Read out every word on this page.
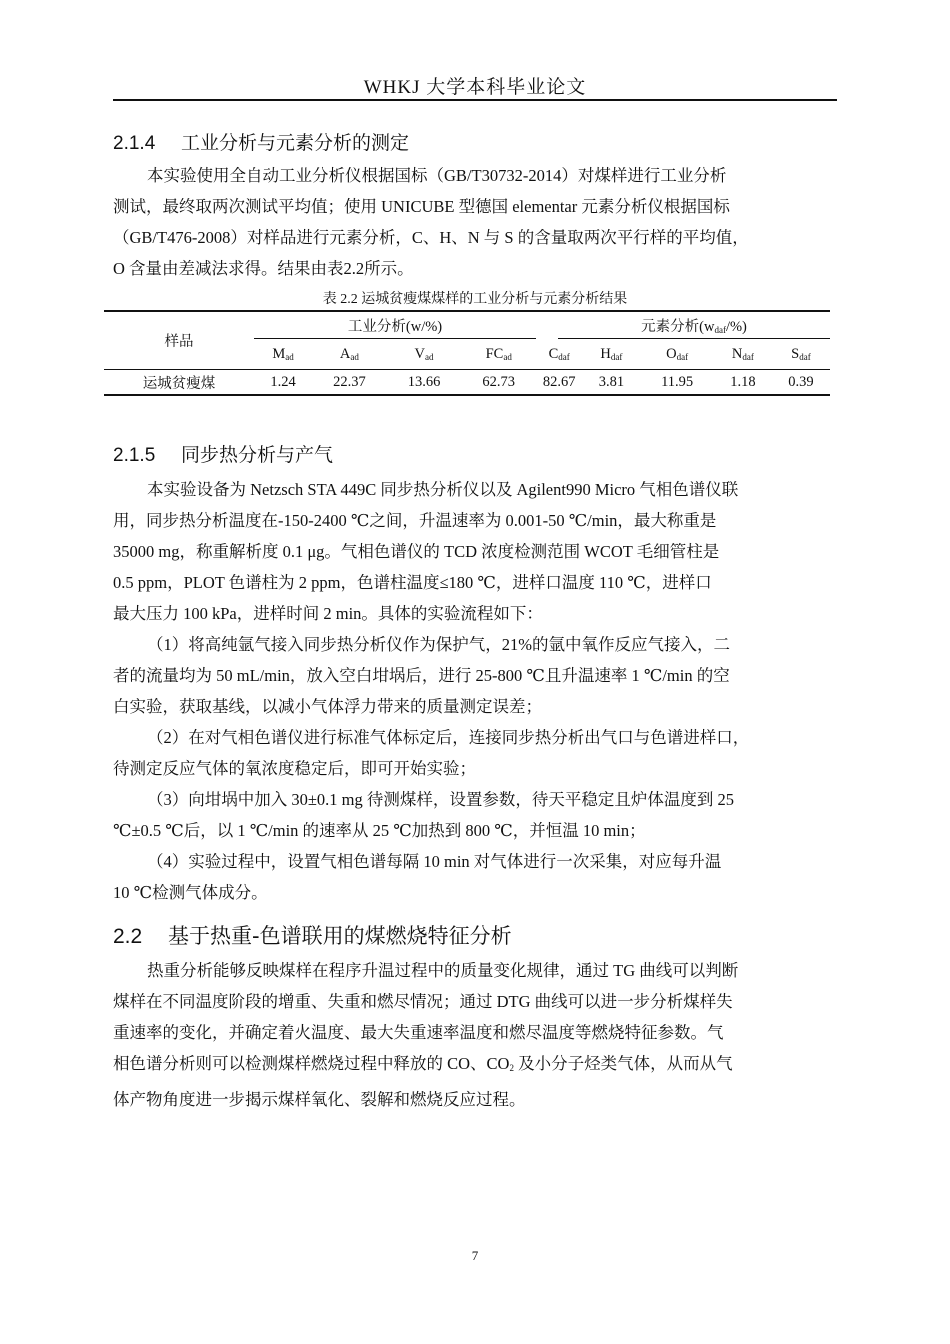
WHKJ 大学本科毕业论文
2.1.4 工业分析与元素分析的测定
本实验使用全自动工业分析仪根据国标（GB/T30732-2014）对煤样进行工业分析
测试，最终取两次测试平均值；使用 UNICUBE 型德国 elementar 元素分析仪根据国标
（GB/T476-2008）对样品进行元素分析，C、H、N 与 S 的含量取两次平行样的平均值，
O 含量由差减法求得。结果由表2.2所示。
表 2.2 运城贫瘦煤煤样的工业分析与元素分析结果
样品	工业分析(w/%)					元素分析$(w_{daf}/\%)$				
	$M_{ad}$	$A_{ad}$	$V_{ad}$	$FC_{ad}$	$C_{daf}$		$H_{daf}$	$O_{daf}$	$N_{daf}$	$S_{daf}$
运城贫瘦煤	1.24	22.37	13.66	62.73	82.67		3.81	11.95	1.18	0.39
2.1.5 同步热分析与产气
本实验设备为 Netzsch STA 449C 同步热分析仪以及 Agilent990 Micro 气相色谱仪联
用，同步热分析温度在-150-2400 ℃之间，升温速率为 0.001-50 ℃/min，最大称重是
35000 mg，称重解析度 0.1 μg。气相色谱仪的 TCD 浓度检测范围 WCOT 毛细管柱是
0.5 ppm，PLOT 色谱柱为 2 ppm，色谱柱温度≤180 ℃，进样口温度 110 ℃，进样口
最大压力 100 kPa，进样时间 2 min。具体的实验流程如下：
（1）将高纯氩气接入同步热分析仪作为保护气，21%的氩中氧作反应气接入，二
者的流量均为 50 mL/min，放入空白坩埚后，进行 25-800 ℃且升温速率 1 ℃/min 的空
白实验，获取基线，以减小气体浮力带来的质量测定误差；
（2）在对气相色谱仪进行标准气体标定后，连接同步热分析出气口与色谱进样口，
待测定反应气体的氧浓度稳定后，即可开始实验；
（3）向坩埚中加入 30±0.1 mg 待测煤样，设置参数，待天平稳定且炉体温度到 25
℃±0.5 ℃后，以 1 ℃/min 的速率从 25 ℃加热到 800 ℃，并恒温 10 min；
（4）实验过程中，设置气相色谱每隔 10 min 对气体进行一次采集，对应每升温
10 ℃检测气体成分。
2.2 基于热重-色谱联用的煤燃烧特征分析
热重分析能够反映煤样在程序升温过程中的质量变化规律，通过 TG 曲线可以判断
煤样在不同温度阶段的增重、失重和燃尽情况；通过 DTG 曲线可以进一步分析煤样失
重速率的变化，并确定着火温度、最大失重速率温度和燃尽温度等燃烧特征参数。气
相色谱分析则可以检测煤样燃烧过程中释放的 CO、$CO_2$ 及小分子烃类气体，从而从气
体产物角度进一步揭示煤样氧化、裂解和燃烧反应过程。
7
